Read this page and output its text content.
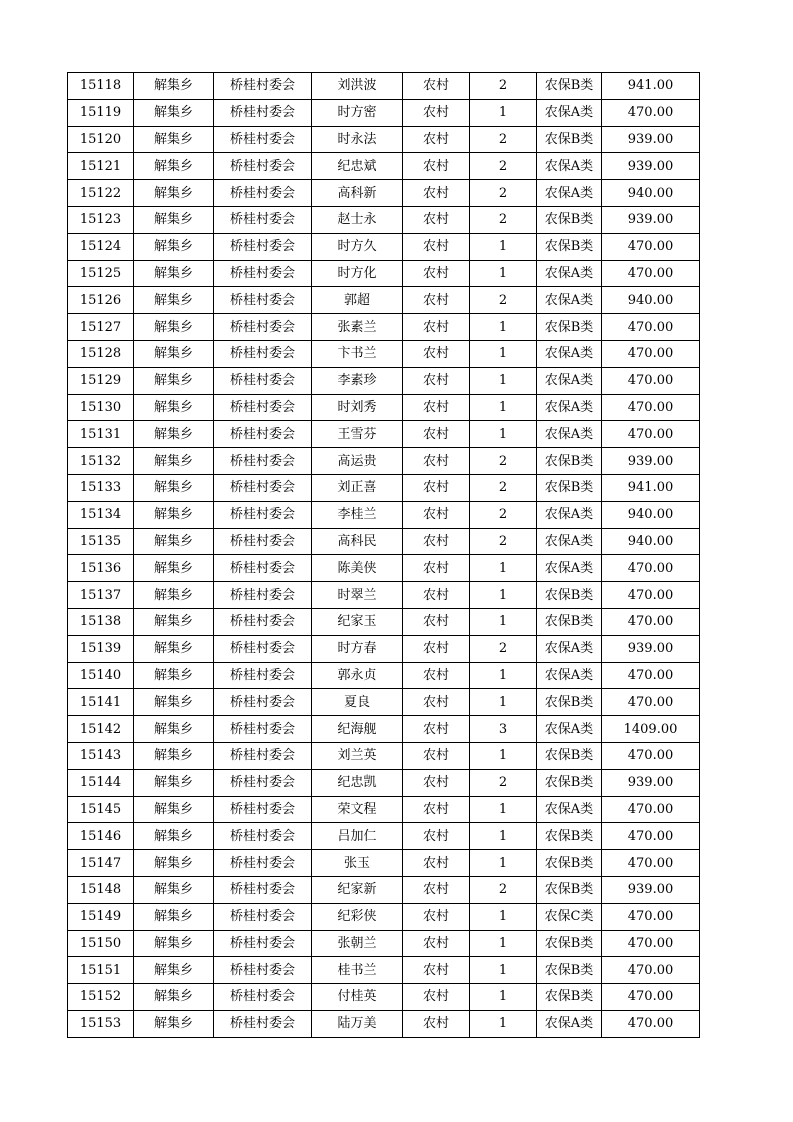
15118	解集乡	桥桂村委会	刘洪波	农村	2	农保B类	941.00
15119	解集乡	桥桂村委会	时方密	农村	1	农保A类	470.00
15120	解集乡	桥桂村委会	时永法	农村	2	农保B类	939.00
15121	解集乡	桥桂村委会	纪忠斌	农村	2	农保A类	939.00
15122	解集乡	桥桂村委会	高科新	农村	2	农保A类	940.00
15123	解集乡	桥桂村委会	赵士永	农村	2	农保B类	939.00
15124	解集乡	桥桂村委会	时方久	农村	1	农保B类	470.00
15125	解集乡	桥桂村委会	时方化	农村	1	农保A类	470.00
15126	解集乡	桥桂村委会	郭超	农村	2	农保A类	940.00
15127	解集乡	桥桂村委会	张素兰	农村	1	农保B类	470.00
15128	解集乡	桥桂村委会	卞书兰	农村	1	农保A类	470.00
15129	解集乡	桥桂村委会	李素珍	农村	1	农保A类	470.00
15130	解集乡	桥桂村委会	时刘秀	农村	1	农保A类	470.00
15131	解集乡	桥桂村委会	王雪芬	农村	1	农保A类	470.00
15132	解集乡	桥桂村委会	高运贵	农村	2	农保B类	939.00
15133	解集乡	桥桂村委会	刘正喜	农村	2	农保B类	941.00
15134	解集乡	桥桂村委会	李桂兰	农村	2	农保A类	940.00
15135	解集乡	桥桂村委会	高科民	农村	2	农保A类	940.00
15136	解集乡	桥桂村委会	陈美侠	农村	1	农保A类	470.00
15137	解集乡	桥桂村委会	时翠兰	农村	1	农保B类	470.00
15138	解集乡	桥桂村委会	纪家玉	农村	1	农保B类	470.00
15139	解集乡	桥桂村委会	时方春	农村	2	农保A类	939.00
15140	解集乡	桥桂村委会	郭永贞	农村	1	农保A类	470.00
15141	解集乡	桥桂村委会	夏良	农村	1	农保B类	470.00
15142	解集乡	桥桂村委会	纪海舰	农村	3	农保A类	1409.00
15143	解集乡	桥桂村委会	刘兰英	农村	1	农保B类	470.00
15144	解集乡	桥桂村委会	纪忠凯	农村	2	农保B类	939.00
15145	解集乡	桥桂村委会	荣文程	农村	1	农保A类	470.00
15146	解集乡	桥桂村委会	吕加仁	农村	1	农保B类	470.00
15147	解集乡	桥桂村委会	张玉	农村	1	农保B类	470.00
15148	解集乡	桥桂村委会	纪家新	农村	2	农保B类	939.00
15149	解集乡	桥桂村委会	纪彩侠	农村	1	农保C类	470.00
15150	解集乡	桥桂村委会	张朝兰	农村	1	农保B类	470.00
15151	解集乡	桥桂村委会	桂书兰	农村	1	农保B类	470.00
15152	解集乡	桥桂村委会	付桂英	农村	1	农保B类	470.00
15153	解集乡	桥桂村委会	陆万美	农村	1	农保A类	470.00
